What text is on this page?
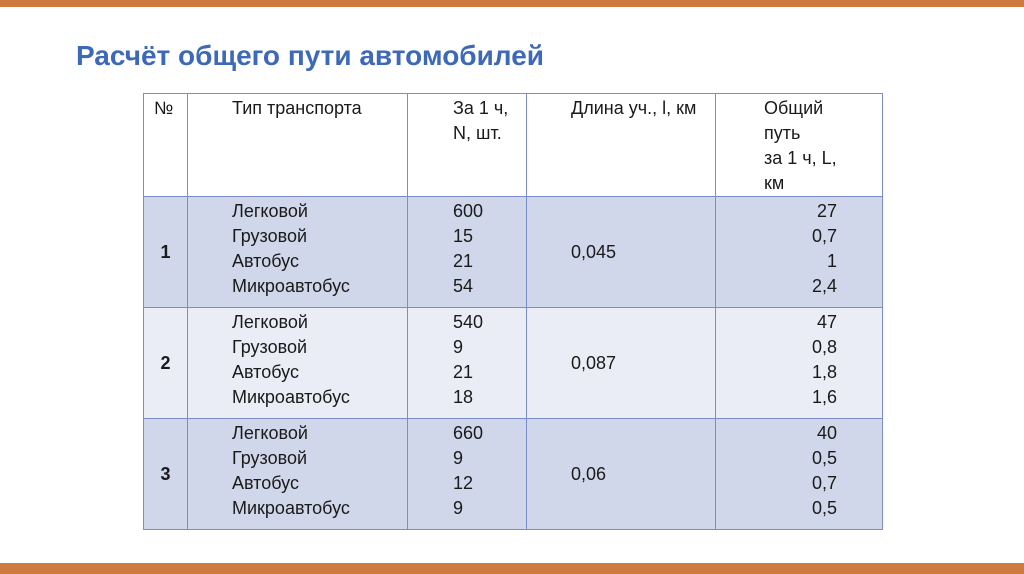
Расчёт общего пути автомобилей
№	Тип транспорта	За 1 ч, N, шт.	Длина уч., l, км	Общий
путь
за 1 ч, L,
км

1	Легковой
Грузовой
Автобус
Микроавтобус	600
15
21
54	0,045	27
0,7
1
2,4

2	Легковой
Грузовой
Автобус
Микроавтобус	540
9
21
18	0,087	47
0,8
1,8
1,6

3	Легковой
Грузовой
Автобус
Микроавтобус	660
9
12
9	0,06	40
0,5
0,7
0,5
